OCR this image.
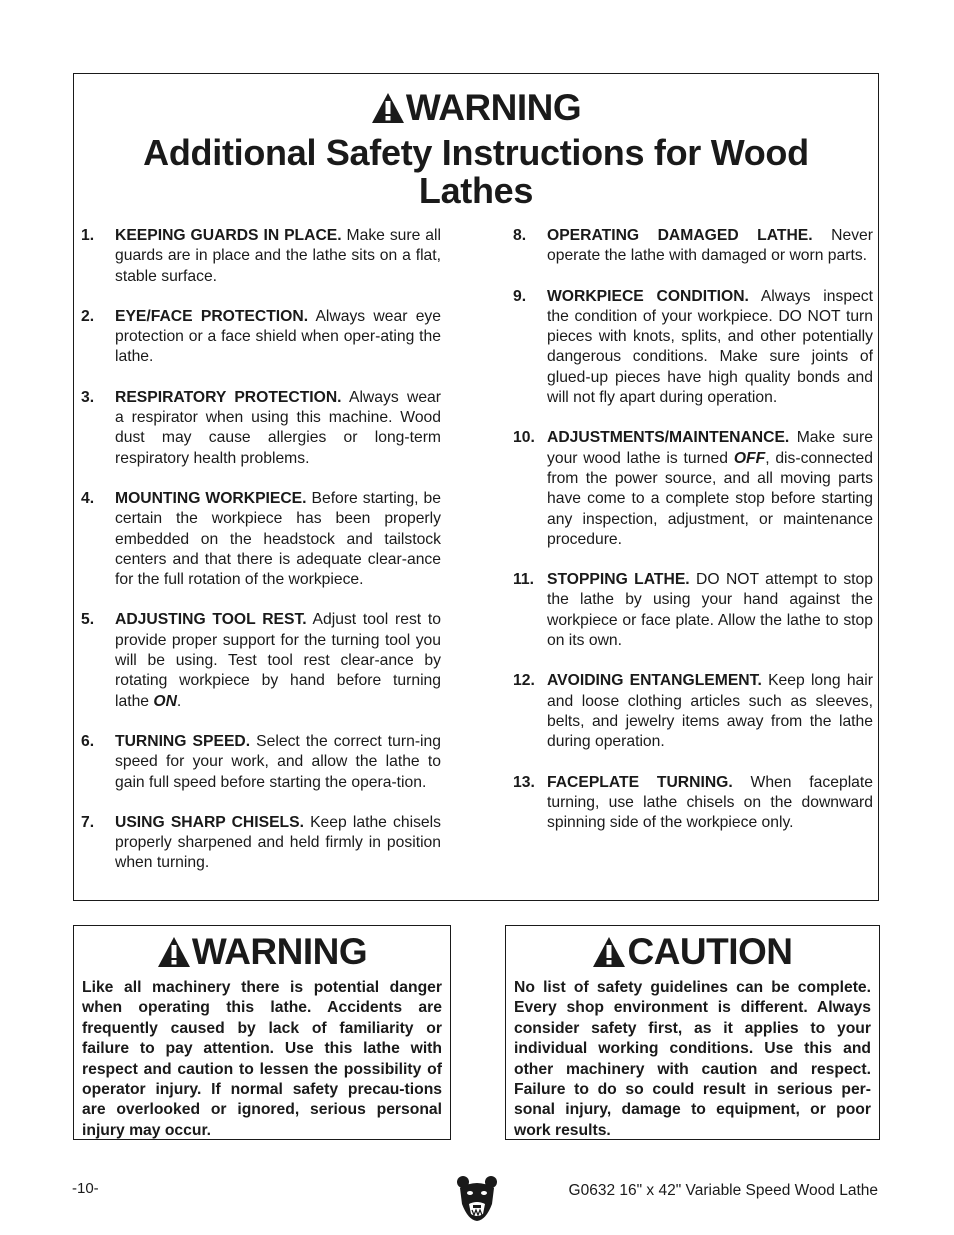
WARNING
Additional Safety Instructions for Wood Lathes
1. KEEPING GUARDS IN PLACE. Make sure all guards are in place and the lathe sits on a flat, stable surface.
2. EYE/FACE PROTECTION. Always wear eye protection or a face shield when oper-ating the lathe.
3. RESPIRATORY PROTECTION. Always wear a respirator when using this machine. Wood dust may cause allergies or long-term respiratory health problems.
4. MOUNTING WORKPIECE. Before starting, be certain the workpiece has been properly embedded on the headstock and tailstock centers and that there is adequate clear-ance for the full rotation of the workpiece.
5. ADJUSTING TOOL REST. Adjust tool rest to provide proper support for the turning tool you will be using. Test tool rest clear-ance by rotating workpiece by hand before turning lathe ON.
6. TURNING SPEED. Select the correct turn-ing speed for your work, and allow the lathe to gain full speed before starting the opera-tion.
7. USING SHARP CHISELS. Keep lathe chisels properly sharpened and held firmly in position when turning.
8. OPERATING DAMAGED LATHE. Never operate the lathe with damaged or worn parts.
9. WORKPIECE CONDITION. Always inspect the condition of your workpiece. DO NOT turn pieces with knots, splits, and other potentially dangerous conditions. Make sure joints of glued-up pieces have high quality bonds and will not fly apart during operation.
10. ADJUSTMENTS/MAINTENANCE. Make sure your wood lathe is turned OFF, dis-connected from the power source, and all moving parts have come to a complete stop before starting any inspection, adjustment, or maintenance procedure.
11. STOPPING LATHE. DO NOT attempt to stop the lathe by using your hand against the workpiece or face plate. Allow the lathe to stop on its own.
12. AVOIDING ENTANGLEMENT. Keep long hair and loose clothing articles such as sleeves, belts, and jewelry items away from the lathe during operation.
13. FACEPLATE TURNING. When faceplate turning, use lathe chisels on the downward spinning side of the workpiece only.
WARNING
Like all machinery there is potential danger when operating this lathe. Accidents are frequently caused by lack of familiarity or failure to pay attention. Use this lathe with respect and caution to lessen the possibility of operator injury. If normal safety precau-tions are overlooked or ignored, serious personal injury may occur.
CAUTION
No list of safety guidelines can be complete. Every shop environment is different. Always consider safety first, as it applies to your individual working conditions. Use this and other machinery with caution and respect. Failure to do so could result in serious per-sonal injury, damage to equipment, or poor work results.
-10-	G0632 16" x 42" Variable Speed Wood Lathe
